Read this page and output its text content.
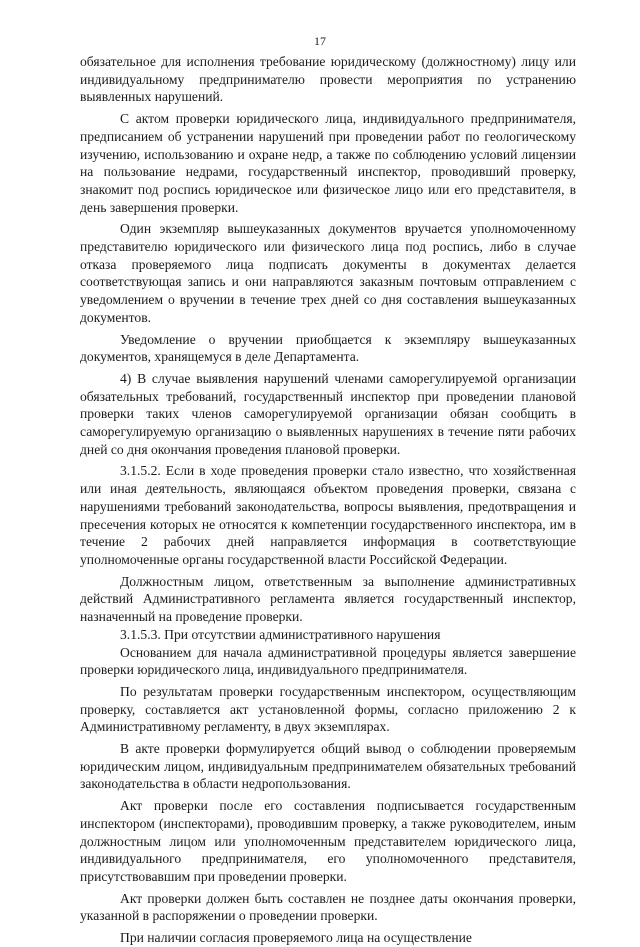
17

обязательное для исполнения требование юридическому (должностному) лицу или индивидуальному предпринимателю провести мероприятия по устранению выявленных нарушений.

С актом проверки юридического лица, индивидуального предпринимателя, предписанием об устранении нарушений при проведении работ по геологическому изучению, использованию и охране недр, а также по соблюдению условий лицензии на пользование недрами, государственный инспектор, проводивший проверку, знакомит под роспись юридическое или физическое лицо или его представителя, в день завершения проверки.

Один экземпляр вышеуказанных документов вручается уполномоченному представителю юридического или физического лица под роспись, либо в случае отказа проверяемого лица подписать документы в документах делается соответствующая запись и они направляются заказным почтовым отправлением с уведомлением о вручении в течение трех дней со дня составления вышеуказанных документов.

Уведомление о вручении приобщается к экземпляру вышеуказанных документов, хранящемуся в деле Департамента.

4) В случае выявления нарушений членами саморегулируемой организации обязательных требований, государственный инспектор при проведении плановой проверки таких членов саморегулируемой организации обязан сообщить в саморегулируемую организацию о выявленных нарушениях в течение пяти рабочих дней со дня окончания проведения плановой проверки.

3.1.5.2. Если в ходе проведения проверки стало известно, что хозяйственная или иная деятельность, являющаяся объектом проведения проверки, связана с нарушениями требований законодательства, вопросы выявления, предотвращения и пресечения которых не относятся к компетенции государственного инспектора, им в течение 2 рабочих дней направляется информация в соответствующие уполномоченные органы государственной власти Российской Федерации.

Должностным лицом, ответственным за выполнение административных действий Административного регламента является государственный инспектор, назначенный на проведение проверки.

3.1.5.3. При отсутствии административного нарушения

Основанием для начала административной процедуры является завершение проверки юридического лица, индивидуального предпринимателя.

По результатам проверки государственным инспектором, осуществляющим проверку, составляется акт установленной формы, согласно приложению 2 к Административному регламенту, в двух экземплярах.

В акте проверки формулируется общий вывод о соблюдении проверяемым юридическим лицом, индивидуальным предпринимателем обязательных требований законодательства в области недропользования.

Акт проверки после его составления подписывается государственным инспектором (инспекторами), проводившим проверку, а также руководителем, иным должностным лицом или уполномоченным представителем юридического лица, индивидуального предпринимателя, его уполномоченного представителя, присутствовавшим при проведении проверки.

Акт проверки должен быть составлен не позднее даты окончания проверки, указанной в распоряжении о проведении проверки.

При наличии согласия проверяемого лица на осуществление
